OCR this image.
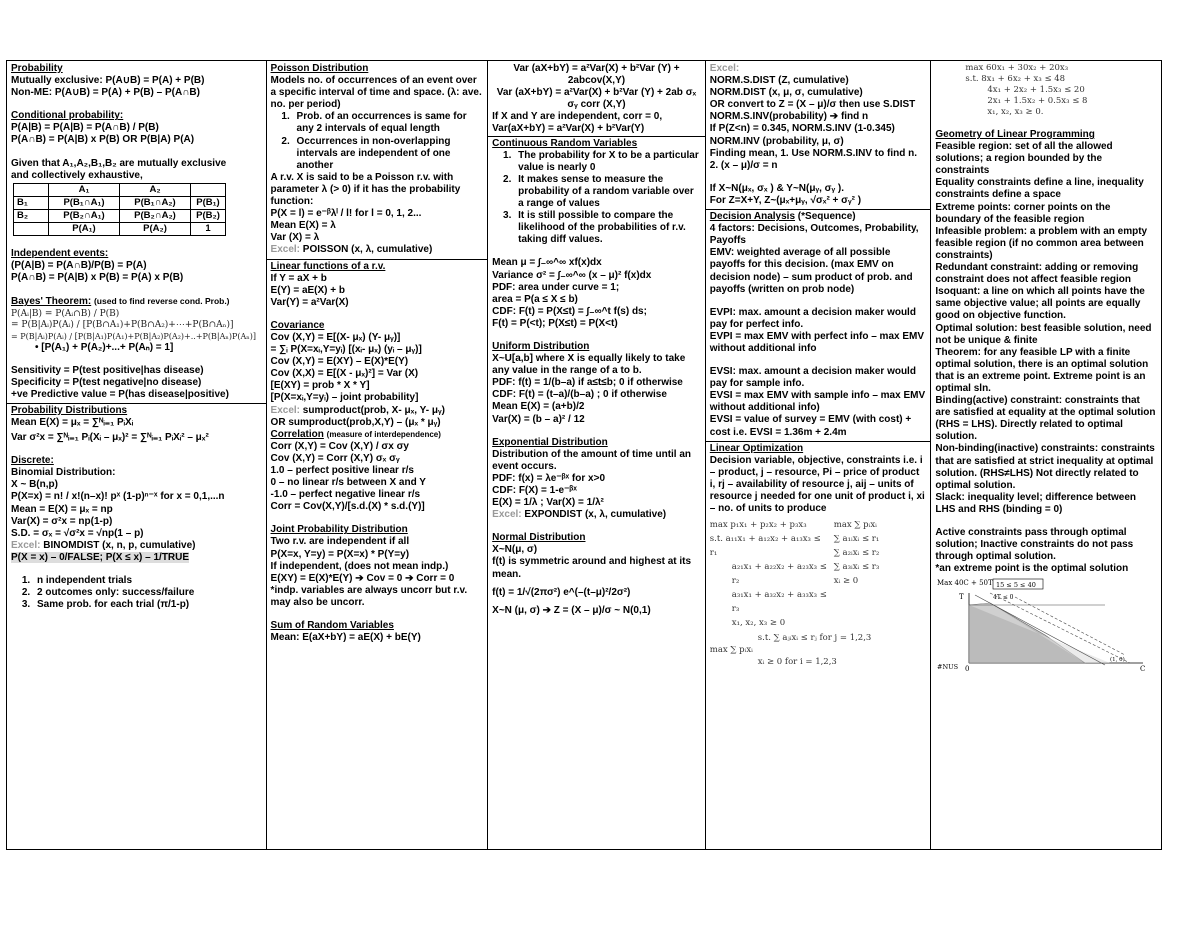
Probability
Mutually exclusive: P(A∪B) = P(A) + P(B)
Non-ME: P(A∪B) = P(A) + P(B) – P(A∩B)
Conditional probability:
P(A|B) = P(A|B) = P(A∩B) / P(B)
P(A∩B) = P(A|B) x P(B) OR P(B|A) P(A)
Given that A₁,A₂,B₁,B₂ are mutually exclusive
and collectively exhaustive,
	A₁	A₂	
B₁	P(B₁∩A₁)	P(B₁∩A₂)	P(B₁)
B₂	P(B₂∩A₁)	P(B₂∩A₂)	P(B₂)
	P(A₁)	P(A₂)	1
Independent events:
(P(A|B) = P(A∩B)/P(B) = P(A)
P(A∩B) = P(A|B) x P(B) = P(A) x P(B)
Bayes' Theorem: (used to find reverse cond. Prob.)
P(Aᵢ|B) = P(Aᵢ∩B) / P(B)
= P(B|Aᵢ)P(Aᵢ) / [P(B∩A₁)+P(B∩A₂)+⋯+P(B∩Aₙ)]
= P(B|Aᵢ)P(Aᵢ) / [P(B|A₁)P(A₁)+P(B|A₂)P(A₂)+..+P(B|Aₙ)P(Aₙ)]
• [P(A₁) + P(A₂)+...+ P(Aₙ) = 1]
Sensitivity = P(test positive|has disease)
Specificity = P(test negative|no disease)
+ve Predictive value = P(has disease|positive)
Probability Distributions
Mean E(X) = μₓ = ∑ᴺᵢ₌₁ PᵢXᵢ
Var σ²x = ∑ᴺᵢ₌₁ Pᵢ(Xᵢ – μₓ)² = ∑ᴺᵢ₌₁ PᵢXᵢ² – μₓ²
Discrete:
Binomial Distribution:
X ~ B(n,p)
P(X=x) = n! / x!(n–x)! pˣ (1-p)ⁿ⁻ˣ for x = 0,1,...n
Mean = E(X) = μₓ = np
Var(X) = σ²x = np(1-p)
S.D. = σₓ = √σ²x = √np(1 – p)
Excel: BINOMDIST (x, n, p, cumulative)
P(X = x) – 0/FALSE; P(X ≤ x) – 1/TRUE
1. n independent trials
2. 2 outcomes only: success/failure
3. Same prob. for each trial (π/1-p)
Poisson Distribution
Models no. of occurrences of an event over a specific interval of time and space. (λ: ave. no. per period)
1. Prob. of an occurrences is same for any 2 intervals of equal length
2. Occurrences in non-overlapping intervals are independent of one another
A r.v. X is said to be a Poisson r.v. with parameter λ (> 0) if it has the probability function:
P(X = l) = e⁻ᵝλˡ / l! for l = 0, 1, 2...
Mean E(X) = λ
Var (X) = λ
Excel: POISSON (x, λ, cumulative)
Linear functions of a r.v.
If Y = aX + b
E(Y) = aE(X) + b
Var(Y) = a²Var(X)
Covariance
Cov (X,Y) = E[(X- μₓ) (Y- μᵧ)]
= ∑ᵢ P(X=xᵢ,Y=yᵢ) [(xᵢ- μₓ) (yᵢ – μᵧ)]
Cov (X,Y) = E(XY) – E(X)*E(Y)
Cov (X,X) = E[(X - μₓ)²] = Var (X)
[E(XY) = prob * X * Y]
[P(X=xᵢ,Y=yᵢ) – joint probability]
Excel: sumproduct(prob, X- μₓ, Y- μᵧ)
OR sumproduct(prob,X,Y) – (μₓ * μᵧ)
Correlation (measure of interdependence)
Corr (X,Y) = Cov (X,Y) / σx σy
Cov (X,Y) = Corr (X,Y) σₓ σᵧ
1.0 – perfect positive linear r/s
0 – no linear r/s between X and Y
-1.0 – perfect negative linear r/s
Corr = Cov(X,Y)/[s.d.(X) * s.d.(Y)]
Joint Probability Distribution
Two r.v. are independent if all
P(X=x, Y=y) = P(X=x) * P(Y=y)
If independent, (does not mean indp.)
E(XY) = E(X)*E(Y) ➔ Cov = 0 ➔ Corr = 0
*indp. variables are always uncorr but r.v. may also be uncorr.
Sum of Random Variables
Mean: E(aX+bY) = aE(X) + bE(Y)
Var (aX+bY) = a²Var(X) + b²Var (Y) + 2abcov(X,Y)
Var (aX+bY) = a²Var(X) + b²Var (Y) + 2ab σₓ σᵧ corr (X,Y)
If X and Y are independent, corr = 0,
Var(aX+bY) = a²Var(X) + b²Var(Y)
Continuous Random Variables
1. The probability for X to be a particular value is nearly 0
2. It makes sense to measure the probability of a random variable over a range of values
3. It is still possible to compare the likelihood of the probabilities of r.v. taking diff values.
Mean μ = ∫₋∞^∞ xf(x)dx
Variance σ² = ∫₋∞^∞ (x – μ)² f(x)dx
PDF: area under curve = 1;
area = P(a ≤ X ≤ b)
CDF: F(t) = P(X≤t) = ∫₋∞^t f(s) ds;
F(t) = P(<t); P(X≤t) = P(X<t)
Uniform Distribution
X~U[a,b] where X is equally likely to take any value in the range of a to b.
PDF: f(t) = 1/(b–a) if a≤t≤b; 0 if otherwise
CDF: F(t) = (t–a)/(b–a) ; 0 if otherwise
Mean E(X) = (a+b)/2
Var(X) = (b – a)² / 12
Exponential Distribution
Distribution of the amount of time until an event occurs.
PDF: f(x) = λe⁻ᵝˣ for x>0
CDF: F(X) = 1-e⁻ᵝˣ
E(X) = 1/λ ; Var(X) = 1/λ²
Excel: EXPONDIST (x, λ, cumulative)
Normal Distribution
X~N(μ, σ)
f(t) is symmetric around and highest at its mean.
f(t) = 1/√(2πσ²) e^(–(t–μ)²/2σ²)
X~N (μ, σ) ➔ Z = (X – μ)/σ ~ N(0,1)
Excel:
NORM.S.DIST (Z, cumulative)
NORM.DIST (x, μ, σ, cumulative)
OR convert to Z = (X – μ)/σ then use S.DIST
NORM.S.INV(probability) ➔ find n
If P(Z<n) = 0.345, NORM.S.INV (1-0.345)
NORM.INV (probability, μ, σ)
Finding mean, 1. Use NORM.S.INV to find n. 2. (x – μ)/σ = n
If X~N(μₓ, σₓ ) & Y~N(μᵧ, σᵧ ).
For Z=X+Y, Z~(μₓ+μᵧ, √σₓ² + σᵧ² )
Decision Analysis (*Sequence)
4 factors: Decisions, Outcomes, Probability, Payoffs
EMV: weighted average of all possible payoffs for this decision. (max EMV on decision node) – sum product of prob. and payoffs (written on prob node)
EVPI: max. amount a decision maker would pay for perfect info.
EVPI = max EMV with perfect info – max EMV without additional info
EVSI: max. amount a decision maker would pay for sample info.
EVSI = max EMV with sample info – max EMV without additional info)
EVSI = value of survey = EMV (with cost) + cost i.e. EVSI = 1.36m + 2.4m
Linear Optimization
Decision variable, objective, constraints i.e. i – product, j – resource, Pi – price of product i, rj – availability of resource j, aij – units of resource j needed for one unit of product i, xi – no. of units to produce
max p₁x₁ + p₂x₂ + p₃x₃
s.t. a₁₁x₁ + a₁₂x₂ + a₁₃x₃ ≤ r₁
a₂₁x₁ + a₂₂x₂ + a₂₃x₃ ≤ r₂
a₃₁x₁ + a₃₂x₂ + a₃₃x₃ ≤ r₃
x₁, x₂, x₃ ≥ 0
max ∑ pᵢxᵢ
∑ a₁ᵢxᵢ ≤ r₁
∑ a₂ᵢxᵢ ≤ r₂
∑ a₃ᵢxᵢ ≤ r₃
xᵢ ≥ 0
s.t. ∑ aⱼᵢxᵢ ≤ rⱼ for j = 1,2,3
max ∑ pᵢxᵢ
xᵢ ≥ 0 for i = 1,2,3
max 60x₁ + 30x₂ + 20x₃
s.t. 8x₁ + 6x₂ + x₃ ≤ 48
4x₁ + 2x₂ + 1.5x₃ ≤ 20
2x₁ + 1.5x₂ + 0.5x₃ ≤ 8
x₁, x₂, x₃ ≥ 0.
Geometry of Linear Programming
Feasible region: set of all the allowed solutions; a region bounded by the constraints
Equality constraints define a line, inequality constraints define a space
Extreme points: corner points on the boundary of the feasible region
Infeasible problem: a problem with an empty feasible region (if no common area between constraints)
Redundant constraint: adding or removing constraint does not affect feasible region
Isoquant: a line on which all points have the same objective value; all points are equally good on objective function.
Optimal solution: best feasible solution, need not be unique & finite
Theorem: for any feasible LP with a finite optimal solution, there is an optimal solution that is an extreme point. Extreme point is an optimal sln.
Binding(active) constraint: constraints that are satisfied at equality at the optimal solution (RHS = LHS). Directly related to optimal solution.
Non-binding(inactive) constraints: constraints that are satisfied at strict inequality at optimal solution. (RHS≠LHS) Not directly related to optimal solution.
Slack: inequality level; difference between LHS and RHS (binding = 0)
Active constraints pass through optimal solution; Inactive constraints do not pass through optimal solution.
*an extreme point is the optimal solution
Max 40C + 50T 15 ≤ 5 ≤ 40
4T ≤ 0
0	C
T
(1, 0)
#NUS
